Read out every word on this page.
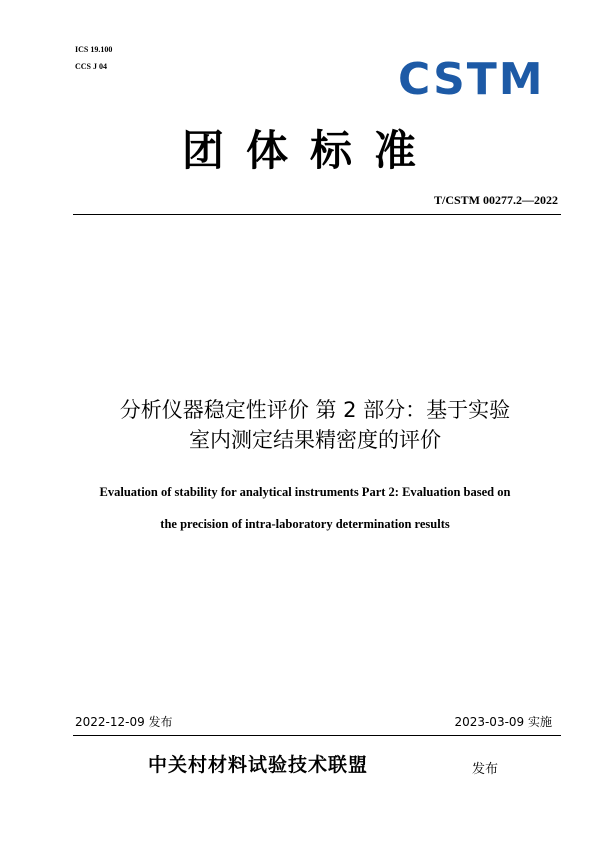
ICS 19.100
CCS J 04	CSTM
团体标准
T/CSTM 00277.2—2022
分析仪器稳定性评价 第 2 部分：基于实验
室内测定结果精密度的评价
Evaluation of stability for analytical instruments Part 2: Evaluation based on
the precision of intra-laboratory determination results
2022-12-09 发布	2023-03-09 实施
中关村材料试验技术联盟	发布
